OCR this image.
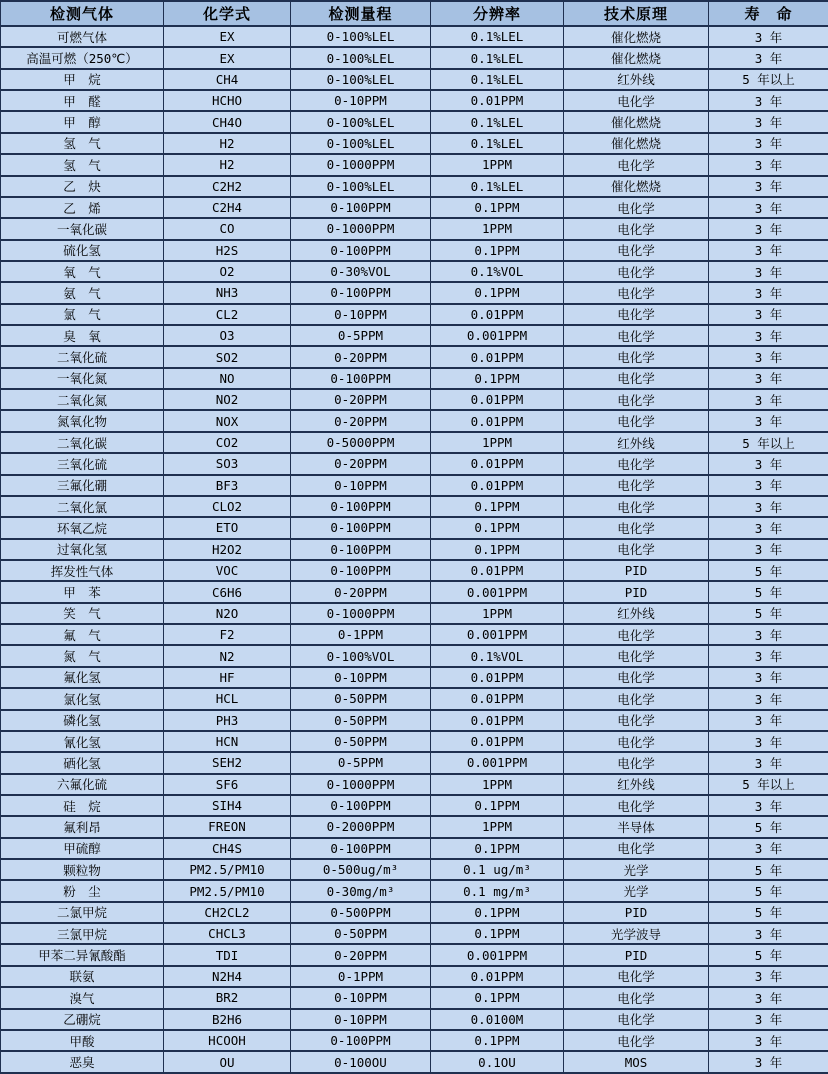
检测气体	化学式	检测量程	分辨率	技术原理	寿　命
可燃气体	EX	0-100%LEL	0.1%LEL	催化燃烧	3 年
高温可燃（250℃）	EX	0-100%LEL	0.1%LEL	催化燃烧	3 年
甲　烷	CH4	0-100%LEL	0.1%LEL	红外线	5 年以上
甲　醛	HCHO	0-10PPM	0.01PPM	电化学	3 年
甲　醇	CH4O	0-100%LEL	0.1%LEL	催化燃烧	3 年
氢　气	H2	0-100%LEL	0.1%LEL	催化燃烧	3 年
氢　气	H2	0-1000PPM	1PPM	电化学	3 年
乙　炔	C2H2	0-100%LEL	0.1%LEL	催化燃烧	3 年
乙　烯	C2H4	0-100PPM	0.1PPM	电化学	3 年
一氧化碳	CO	0-1000PPM	1PPM	电化学	3 年
硫化氢	H2S	0-100PPM	0.1PPM	电化学	3 年
氧　气	O2	0-30%VOL	0.1%VOL	电化学	3 年
氨　气	NH3	0-100PPM	0.1PPM	电化学	3 年
氯　气	CL2	0-10PPM	0.01PPM	电化学	3 年
臭　氧	O3	0-5PPM	0.001PPM	电化学	3 年
二氧化硫	SO2	0-20PPM	0.01PPM	电化学	3 年
一氧化氮	NO	0-100PPM	0.1PPM	电化学	3 年
二氧化氮	NO2	0-20PPM	0.01PPM	电化学	3 年
氮氧化物	NOX	0-20PPM	0.01PPM	电化学	3 年
二氧化碳	CO2	0-5000PPM	1PPM	红外线	5 年以上
三氧化硫	SO3	0-20PPM	0.01PPM	电化学	3 年
三氟化硼	BF3	0-10PPM	0.01PPM	电化学	3 年
二氧化氯	CLO2	0-100PPM	0.1PPM	电化学	3 年
环氧乙烷	ETO	0-100PPM	0.1PPM	电化学	3 年
过氧化氢	H2O2	0-100PPM	0.1PPM	电化学	3 年
挥发性气体	VOC	0-100PPM	0.01PPM	PID	5 年
甲　苯	C6H6	0-20PPM	0.001PPM	PID	5 年
笑　气	N2O	0-1000PPM	1PPM	红外线	5 年
氟　气	F2	0-1PPM	0.001PPM	电化学	3 年
氮　气	N2	0-100%VOL	0.1%VOL	电化学	3 年
氟化氢	HF	0-10PPM	0.01PPM	电化学	3 年
氯化氢	HCL	0-50PPM	0.01PPM	电化学	3 年
磷化氢	PH3	0-50PPM	0.01PPM	电化学	3 年
氰化氢	HCN	0-50PPM	0.01PPM	电化学	3 年
硒化氢	SEH2	0-5PPM	0.001PPM	电化学	3 年
六氟化硫	SF6	0-1000PPM	1PPM	红外线	5 年以上
硅　烷	SIH4	0-100PPM	0.1PPM	电化学	3 年
氟利昂	FREON	0-2000PPM	1PPM	半导体	5 年
甲硫醇	CH4S	0-100PPM	0.1PPM	电化学	3 年
颗粒物	PM2.5/PM10	0-500ug/m³	0.1 ug/m³	光学	5 年
粉　尘	PM2.5/PM10	0-30mg/m³	0.1 mg/m³	光学	5 年
二氯甲烷	CH2CL2	0-500PPM	0.1PPM	PID	5 年
三氯甲烷	CHCL3	0-50PPM	0.1PPM	光学波导	3 年
甲苯二异氰酸酯	TDI	0-20PPM	0.001PPM	PID	5 年
联氨	N2H4	0-1PPM	0.01PPM	电化学	3 年
溴气	BR2	0-10PPM	0.1PPM	电化学	3 年
乙硼烷	B2H6	0-10PPM	0.0100M	电化学	3 年
甲酸	HCOOH	0-100PPM	0.1PPM	电化学	3 年
恶臭	OU	0-100OU	0.1OU	MOS	3 年
